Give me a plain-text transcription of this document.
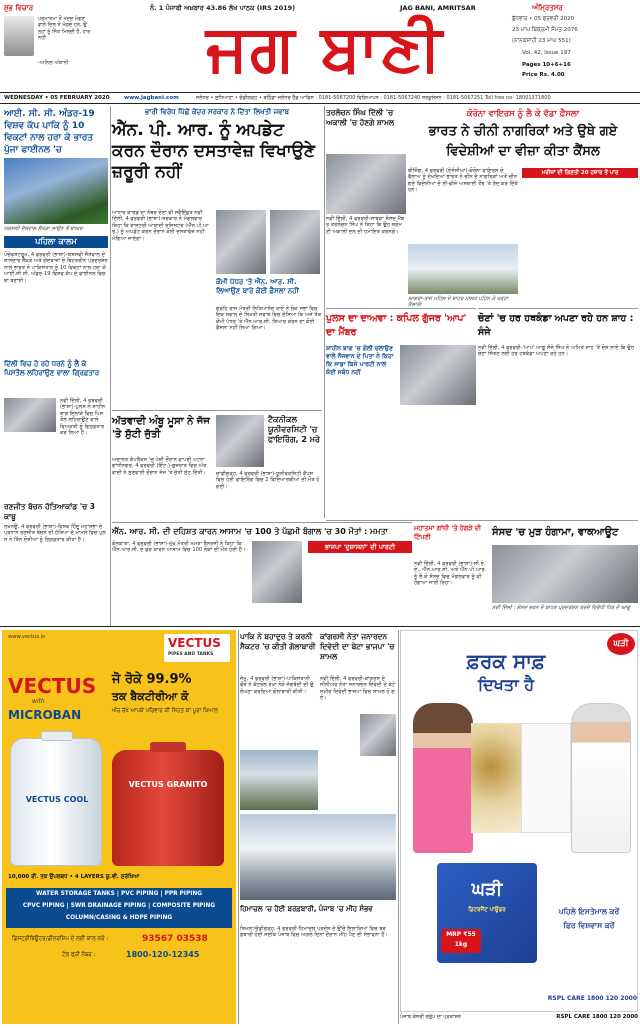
ਸ਼ੁਭ ਵਿਚਾਰ
ਪਰਮਾਤਮਾ ਤੋਂ ਮਦਦ ਮੰਗਣ ਵਾਲੇ ਦਿਲ ਤੋਂ ਮੰਗਦੇ ਹਨ, ਉਨ੍ਹਾਂ ਨੂੰ ਜਿੱਤ ਮਿਲਦੀ ਹੈ, ਹਾਰ ਨਹੀਂ
-ਅਨਿਲ ਅੰਬਾਨੀ
ਨੰ. 1 ਪੰਜਾਬੀ ਅਖ਼ਬਾਰ 43.86 ਲੱਖ ਪਾਠਕ (IRS 2019)	JAG BANI, AMRITSAR
ਜਗ ਬਾਣੀ
ਅੰਮ੍ਰਿਤਸਰ
ਬੁੱਧਵਾਰ • 05 ਫਰਵਰੀ 2020
23 ਮਾਘ ਬਿਕ੍ਰਮੀ ਸੰਮਤ 2076
(ਨਾਨਕਸ਼ਾਹੀ 23 ਮਾਘ 551)
Vol. 42, Issue 197
Pages 10+6+16
Price Rs. 4.00
WEDNESDAY • 05 FEBRUARY 2020	www.jagbani.com	ਜਲੰਧਰ • ਲੁਧਿਆਣਾ • ਚੰਡੀਗੜ੍ਹ • ਬਠਿੰਡਾ ਜਲੰਧਰ ਹੈੱਡ ਆਫਿਸ : 0181-5067200 ਵਿਗਿਆਪਨ : 0181-5067240 ਸਰਕੂਲੇਸ਼ਨ : 0181-5067251 Toll free no- 18001371800
ਆਈ. ਸੀ. ਸੀ. ਅੰਡਰ-19 ਵਿਸ਼ਵ ਕੱਪ ਪਾਕਿ ਨੂੰ 10 ਵਿਕਟਾਂ ਨਾਲ ਹਰਾ ਕੇ ਭਾਰਤ ਪੁੱਜਾ ਫਾਈਨਲ 'ਚ
ਯਸ਼ਸਵੀ ਜੈਸਵਾਲ ਸੈਂਕੜਾ ਲਾਉਣ ਤੋਂ ਬਾਅਦ
ਪਹਿਲਾ ਕਾਲਮ
ਪੋਚੇਫਸਟਰੂਮ, 4 ਫਰਵਰੀ (ਭਾਸ਼ਾ)-ਯਸ਼ਸਵੀ ਜੈਸਵਾਲ ਦੇ ਸ਼ਾਨਦਾਰ ਸੈਂਕੜੇ ਅਤੇ ਗੇਂਦਬਾਜ਼ਾਂ ਦੇ ਬਿਹਤਰੀਨ ਪ੍ਰਦਰਸ਼ਨ ਨਾਲ ਭਾਰਤ ਨੇ ਪਾਕਿਸਤਾਨ ਨੂੰ 10 ਵਿਕਟਾਂ ਨਾਲ ਹਰਾ ਕੇ ਆਈ.ਸੀ.ਸੀ. ਅੰਡਰ-19 ਵਿਸ਼ਵ ਕੱਪ ਦੇ ਫਾਈਨਲ ਵਿਚ ਥਾਂ ਬਣਾਈ।
ਦਿੱਲੀ ਵਿਚ ਹੋ ਰਹੇ ਧਰਨੇ ਨੂੰ ਲੈ ਕੇ ਪਿਸਤੌਲ ਲਹਿਰਾਉਣ ਵਾਲਾ ਗ੍ਰਿਫ਼ਤਾਰ
ਨਵੀਂ ਦਿੱਲੀ, 4 ਫਰਵਰੀ (ਭਾਸ਼ਾ)-ਪੁਲਸ ਨੇ ਸ਼ਾਹੀਨ ਬਾਗ ਇਲਾਕੇ ਵਿਚ ਪਿਸਤੌਲ ਲਹਿਰਾਉਣ ਵਾਲੇ ਵਿਅਕਤੀ ਨੂੰ ਗ੍ਰਿਫ਼ਤਾਰ ਕਰ ਲਿਆ ਹੈ।
ਰਣਜੀਤ ਬੱਚਨ ਹੱਤਿਆਕਾਂਡ 'ਚ 3 ਕਾਬੂ
ਲਖਨਊ, 4 ਫਰਵਰੀ (ਭਾਸ਼ਾ)-ਵਿਸ਼ਵ ਹਿੰਦੂ ਮਹਾਸਭਾ ਦੇ ਪ੍ਰਧਾਨ ਰਣਜੀਤ ਬੱਚਨ ਦੀ ਹੱਤਿਆ ਦੇ ਮਾਮਲੇ ਵਿਚ ਪੁਲਸ ਨੇ ਤਿੰਨ ਦੋਸ਼ੀਆਂ ਨੂੰ ਗ੍ਰਿਫ਼ਤਾਰ ਕੀਤਾ ਹੈ।
ਭਾਰੀ ਵਿਰੋਧ ਪਿੱਛੋਂ ਕੇਂਦਰ ਸਰਕਾਰ ਨੇ ਦਿੱਤਾ ਲਿਖਤੀ ਜਵਾਬ
ਐੱਨ. ਪੀ. ਆਰ. ਨੂੰ ਅਪਡੇਟ ਕਰਨ ਦੌਰਾਨ ਦਸਤਾਵੇਜ਼ ਵਿਖਾਉਣੇ ਜ਼ਰੂਰੀ ਨਹੀਂ
ਆਧਾਰ ਕਾਰਡ ਦਾ ਨੰਬਰ ਦੇਣਾ ਵੀ ਸਵੈਇੱਛਤ ਨਵੀਂ ਦਿੱਲੀ, 4 ਫਰਵਰੀ (ਭਾਸ਼ਾ)-ਸਰਕਾਰ ਨੇ ਮੰਗਲਵਾਰ ਕਿਹਾ ਕਿ ਰਾਸ਼ਟਰੀ ਆਬਾਦੀ ਰਜਿਸਟਰ (ਐੱਨ.ਪੀ.ਆਰ.) ਨੂੰ ਅਪਡੇਟ ਕਰਨ ਦੌਰਾਨ ਕੋਈ ਦਸਤਾਵੇਜ਼ ਨਹੀਂ ਮੰਗਿਆ ਜਾਏਗਾ।
ਕੌਮੀ ਪੱਧਰ 'ਤੇ ਐੱਨ. ਆਰ. ਸੀ. ਲਿਆਉਣ ਬਾਰੇ ਕੋਈ ਫ਼ੈਸਲਾ ਨਹੀਂ
ਗ੍ਰਹਿ ਰਾਜ ਮੰਤਰੀ ਨਿਤਿਆਨੰਦ ਰਾਏ ਨੇ ਲੋਕ ਸਭਾ ਵਿਚ ਇਕ ਸਵਾਲ ਦੇ ਲਿਖਤੀ ਜਵਾਬ ਵਿਚ ਦੱਸਿਆ ਕਿ ਅਜੇ ਤੱਕ ਕੌਮੀ ਪੱਧਰ 'ਤੇ ਐੱਨ.ਆਰ.ਸੀ. ਤਿਆਰ ਕਰਨ ਦਾ ਕੋਈ ਫ਼ੈਸਲਾ ਨਹੀਂ ਲਿਆ ਗਿਆ।
ਅੱਤਵਾਦੀ ਅੰਬੂ ਮੂਸਾ ਨੇ ਜੱਜ 'ਤੇ ਸੁੱਟੀ ਜੁੱਤੀ
ਅਦਾਲਤ ਕੰਪਲੈਕਸ 'ਚ ਪੇਸ਼ੀ ਦੌਰਾਨ ਵਾਪਰੀ ਘਟਨਾ ਗਾਂਧੀਨਗਰ, 4 ਫਰਵਰੀ (ਇੰਟ.)-ਗੁਜਰਾਤ ਵਿਚ ਅੱਤਵਾਦੀ ਨੇ ਸੁਣਵਾਈ ਦੌਰਾਨ ਜੱਜ 'ਤੇ ਜੁੱਤੀ ਸੁੱਟ ਦਿੱਤੀ।
ਟੈਕਨੀਕਲ ਯੂਨੀਵਰਸਿਟੀ 'ਚ ਫਾਇਰਿੰਗ, 2 ਮਰੇ
ਚਾਂਡੀਗੜ੍ਹ, 4 ਫਰਵਰੀ (ਭਾਸ਼ਾ)-ਯੂਨੀਵਰਸਿਟੀ ਕੈਂਪਸ ਵਿਚ ਹੋਈ ਫਾਇਰਿੰਗ ਵਿਚ 2 ਵਿਦਿਆਰਥੀਆਂ ਦੀ ਮੌਤ ਹੋ ਗਈ।
ਐੱਨ. ਆਰ. ਸੀ. ਦੀ ਦਹਿਸ਼ਤ ਕਾਰਨ ਆਸਾਮ 'ਚ 100 ਤੇ ਪੱਛਮੀ ਬੰਗਾਲ 'ਚ 30 ਮੌਤਾਂ : ਮਮਤਾ
ਕੋਲਕਾਤਾ, 4 ਫਰਵਰੀ (ਭਾਸ਼ਾ)-ਮੁੱਖ ਮੰਤਰੀ ਮਮਤਾ ਬੈਨਰਜੀ ਨੇ ਕਿਹਾ ਕਿ ਐੱਨ.ਆਰ.ਸੀ. ਦੇ ਡਰ ਕਾਰਨ ਆਸਾਮ ਵਿਚ 100 ਲੋਕਾਂ ਦੀ ਮੌਤ ਹੋਈ ਹੈ।	ਭਾਜਪਾ 'ਦੁਸ਼ਾਸਨਾਂ' ਦੀ ਪਾਰਟੀ
ਤਰਲੋਚਨ ਸਿੰਘ ਦਿੱਲੀ 'ਚ ਅਕਾਲੀ 'ਚ ਹੋਣਗੇ ਸ਼ਾਮਲ
ਨਵੀਂ ਦਿੱਲੀ, 4 ਫਰਵਰੀ-ਸਾਬਕਾ ਸੰਸਦ ਮੈਂਬਰ ਤਰਲੋਚਨ ਸਿੰਘ ਨੇ ਕਿਹਾ ਕਿ ਉਹ ਸ਼੍ਰੋਮਣੀ ਅਕਾਲੀ ਦਲ ਦੀ ਹਮਾਇਤ ਕਰਨਗੇ।
ਕੋਰੋਨਾ ਵਾਇਰਸ ਨੂੰ ਲੈ ਕੇ ਵੱਡਾ ਫ਼ੈਸਲਾ
ਭਾਰਤ ਨੇ ਚੀਨੀ ਨਾਗਰਿਕਾਂ ਅਤੇ ਉਥੇ ਗਏ ਵਿਦੇਸ਼ੀਆਂ ਦਾ ਵੀਜ਼ਾ ਕੀਤਾ ਕੈਂਸਲ
ਬੀਜਿੰਗ, 4 ਫਰਵਰੀ (ਏਜੰਸੀਆਂ)-ਕੋਰੋਨਾ ਵਾਇਰਸ ਦੇ ਫੈਲਾਅ ਨੂੰ ਦੇਖਦਿਆਂ ਭਾਰਤ ਨੇ ਚੀਨ ਦੇ ਨਾਗਰਿਕਾਂ ਅਤੇ ਚੀਨ ਗਏ ਵਿਦੇਸ਼ੀਆਂ ਦੇ ਈ-ਵੀਜ਼ੇ ਅਸਥਾਈ ਤੌਰ 'ਤੇ ਰੱਦ ਕਰ ਦਿੱਤੇ ਹਨ।
ਮਰੀਜ਼ਾਂ ਦੀ ਗਿਣਤੀ 20 ਹਜ਼ਾਰ ਤੋਂ ਪਾਰ
ਆਗਰਾ-ਤਾਜ ਮਹਿਲ ਦੇ ਬਾਹਰ ਮਾਸਕ ਪਹਿਨ ਕੇ ਖੜ੍ਹਾ ਸੈਲਾਨੀ
ਪੁਲਸ ਦਾ ਦਾਅਵਾ : ਕਪਿਲ ਗੁੱਜਰ 'ਆਪ' ਦਾ ਮੈਂਬਰ
ਸ਼ਾਹੀਨ ਬਾਗ 'ਚ ਗੋਲੀ ਚਲਾਉਣ ਵਾਲੇ ਨੌਜਵਾਨ ਦੇ ਪਿਤਾ ਨੇ ਕਿਹਾ ਕਿ ਸਾਡਾ ਕਿਸੇ ਪਾਰਟੀ ਨਾਲ ਕੋਈ ਸਬੰਧ ਨਹੀਂ
ਚੋਣਾਂ 'ਚ ਹਰ ਹਥਕੰਡਾ ਅਪਣਾ ਰਹੇ ਹਨ ਸ਼ਾਹ : ਸੰਜੇ
ਨਵੀਂ ਦਿੱਲੀ, 4 ਫਰਵਰੀ-'ਆਪ' ਆਗੂ ਸੰਜੇ ਸਿੰਘ ਨੇ ਅਮਿਤ ਸ਼ਾਹ 'ਤੇ ਦੋਸ਼ ਲਾਏ ਕਿ ਉਹ ਚੋਣਾਂ ਜਿੱਤਣ ਲਈ ਹਰ ਹਥਕੰਡਾ ਅਪਣਾ ਰਹੇ ਹਨ।
ਮਹਾਤਮਾ ਗਾਂਧੀ 'ਤੇ ਹੇਗੜੇ ਦੀ ਟਿੱਪਣੀ	ਸੰਸਦ 'ਚ ਮੁੜ ਹੰਗਾਮਾ, ਵਾਕਆਊਟ
ਨਵੀਂ ਦਿੱਲੀ, 4 ਫਰਵਰੀ (ਭਾਸ਼ਾ)-ਸੀ.ਏ.ਏ., ਐੱਨ.ਆਰ.ਸੀ. ਅਤੇ ਐੱਨ.ਪੀ.ਆਰ. ਨੂੰ ਲੈ ਕੇ ਸੰਸਦ ਵਿਚ ਮੰਗਲਵਾਰ ਨੂੰ ਵੀ ਹੰਗਾਮਾ ਜਾਰੀ ਰਿਹਾ।
ਨਵੀਂ ਦਿੱਲੀ : ਸੰਸਦ ਭਵਨ ਦੇ ਬਾਹਰ ਪ੍ਰਦਰਸ਼ਨ ਕਰਦੇ ਵਿਰੋਧੀ ਧਿਰ ਦੇ ਆਗੂ
www.vectus.in	VECTUS
PIPES AND TANKS
VECTUS
with
MICROBAN
ਜੋ ਰੋਕੇ 99.9%
ਤਕ ਬੈਕਟੀਰੀਆ ਕੋ
ਔਰ ਰੱਖੇ ਆਪਕੇ ਪਰਿਵਾਰ ਕੀ ਸਿਹਤ ਕਾ ਪੂਰਾ ਖ਼ਿਆਲ
VECTUS COOL
VECTUS GRANITO
10,000 ਰੀ. ਤਕ ਉਪਲਬਧ • 4 LAYERS ਯੂ.ਵੀ. ਸੁਰੱਖਿਆ
WATER STORAGE TANKS | PVC PIPING | PPR PIPING
CPVC PIPING | SWR DRAINAGE PIPING | COMPOSITE PIPING
COLUMN/CASING & HDPE PIPING
ਡਿਸਟ੍ਰੀਬਿਊਟਰ/ਡੀਲਰਸ਼ਿਪ ਦੇ ਲਈ ਕਾਲ ਕਰੋ :	93567 03538
ਟੋਲ ਫ੍ਰੀ ਨੰਬਰ :	1800-120-12345
ਪਾਕਿ ਨੇ ਬਹਾਦੁਰ ਤੇ ਕਰਨੀ ਸੈਕਟਰ 'ਚ ਕੀਤੀ ਗੋਲਾਬਾਰੀ
ਜੰਮੂ, 4 ਫਰਵਰੀ (ਭਾਸ਼ਾ)-ਪਾਕਿਸਤਾਨੀ ਫੌਜ ਨੇ ਕੰਟਰੋਲ ਰੇਖਾ ਨੇੜੇ ਜੰਗਬੰਦੀ ਦੀ ਉਲੰਘਣਾ ਕਰਦਿਆਂ ਗੋਲਾਬਾਰੀ ਕੀਤੀ।
ਕਾਂਗਰਸੀ ਨੇਤਾ ਜਨਾਰਦਨ ਦਿਵੇਦੀ ਦਾ ਬੇਟਾ ਭਾਜਪਾ 'ਚ ਸ਼ਾਮਲ
ਨਵੀਂ ਦਿੱਲੀ, 4 ਫਰਵਰੀ-ਕਾਂਗਰਸ ਦੇ ਸੀਨੀਅਰ ਨੇਤਾ ਜਨਾਰਦਨ ਦਿਵੇਦੀ ਦੇ ਬੇਟੇ ਸਮੀਰ ਦਿਵੇਦੀ ਭਾਜਪਾ ਵਿਚ ਸ਼ਾਮਲ ਹੋ ਗਏ।
ਹਿਮਾਚਲ 'ਚ ਹੋਈ ਬਰਫ਼ਬਾਰੀ, ਪੰਜਾਬ 'ਚ ਮੀਂਹ ਸੰਭਵ
ਸ਼ਿਮਲਾ/ਚੰਡੀਗੜ੍ਹ, 4 ਫਰਵਰੀ-ਹਿਮਾਚਲ ਪ੍ਰਦੇਸ਼ ਦੇ ਉੱਚੇ ਇਲਾਕਿਆਂ ਵਿਚ ਬਰਫ਼ਬਾਰੀ ਹੋਈ ਜਦਕਿ ਪੰਜਾਬ ਵਿਚ ਅਗਲੇ ਦਿਨਾਂ ਦੌਰਾਨ ਮੀਂਹ ਪੈਣ ਦੀ ਸੰਭਾਵਨਾ ਹੈ।
ਘੜੀ
ਫ਼ਰਕ ਸਾਫ਼
ਦਿਖਤਾ ਹੈ
ਘੜੀ
ਡਿਟਰਜੈਂਟ ਪਾਊਡਰ
MRP ₹55
1kg
ਪਹਿਲੇ ਇਸਤੇਮਾਲ ਕਰੇਂ
ਫਿਰ ਵਿਸ਼ਵਾਸ ਕਰੇਂ
RSPL CARE 1800 120 2000
ਪੰਜਾਬ ਕੇਸਰੀ ਗਰੁੱਪ ਦਾ ਪ੍ਰਕਾਸ਼ਨ	RSPL CARE 1800 120 2000
